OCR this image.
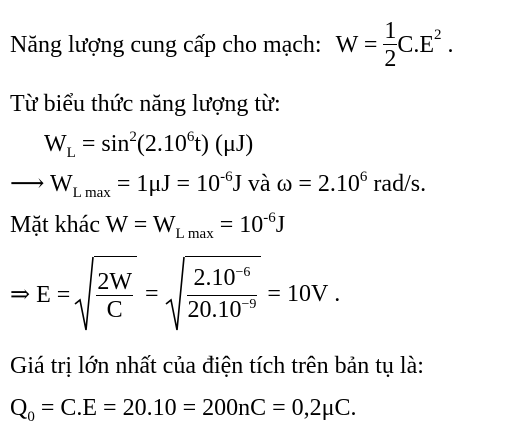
Năng lượng cung cấp cho mạch: $W = \frac{1}{2} C.E^2$ .
Từ biểu thức năng lượng từ:
$W_L = \sin^2(2.10^6t)$ (μJ)
⟶ $W_{L max} = 1\mu J = 10^{-6}J$ và $\omega = 2.10^6$ rad/s.
Mặt khác $W = W_{L max} = 10^{-6}J$
⇒ $E = \frac{2W}{C} = \frac{2.10^{-6}}{20.10^{-9}} = 10V$ .
Giá trị lớn nhất của điện tích trên bản tụ là:
$Q_0 = C.E = 20.10 = 200nC = 0,2\mu C$.
